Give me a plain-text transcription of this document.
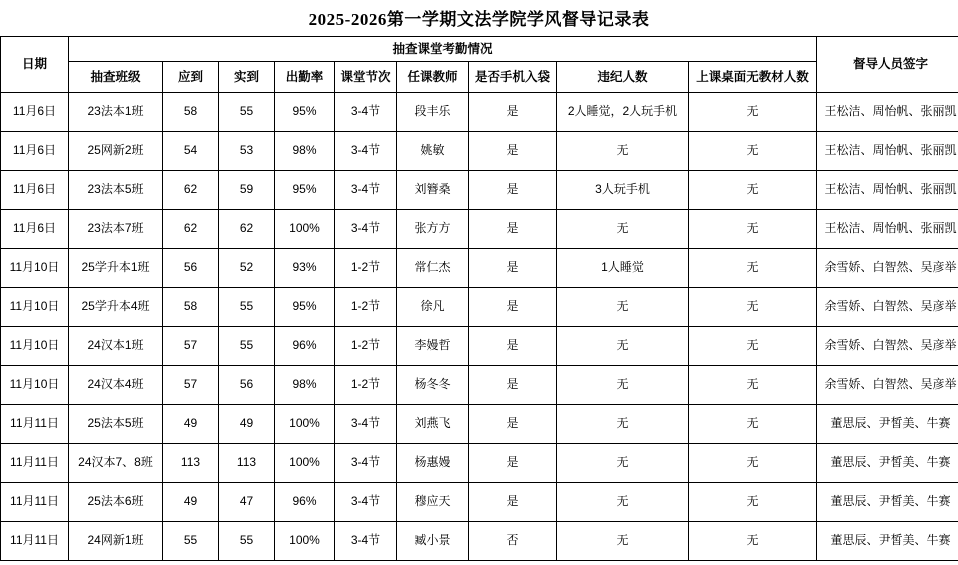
2025-2026第一学期文法学院学风督导记录表
日期	抽查课堂考勤情况									督导人员签字
	抽查班级	应到	实到	出勤率	课堂节次	任课教师	是否手机入袋	违纪人数	上课桌面无教材人数	
11月6日	23法本1班	58	55	95%	3-4节	段丰乐	是	2人睡觉，2人玩手机	无	王松洁、周怡帆、张丽凯
11月6日	25网新2班	54	53	98%	3-4节	姚敏	是	无	无	王松洁、周怡帆、张丽凯
11月6日	23法本5班	62	59	95%	3-4节	刘簪桑	是	3人玩手机	无	王松洁、周怡帆、张丽凯
11月6日	23法本7班	62	62	100%	3-4节	张方方	是	无	无	王松洁、周怡帆、张丽凯
11月10日	25学升本1班	56	52	93%	1-2节	常仁杰	是	1人睡觉	无	余雪娇、白智然、吴彦举
11月10日	25学升本4班	58	55	95%	1-2节	徐凡	是	无	无	余雪娇、白智然、吴彦举
11月10日	24汉本1班	57	55	96%	1-2节	李嫚哲	是	无	无	余雪娇、白智然、吴彦举
11月10日	24汉本4班	57	56	98%	1-2节	杨冬冬	是	无	无	余雪娇、白智然、吴彦举
11月11日	25法本5班	49	49	100%	3-4节	刘燕飞	是	无	无	董思辰、尹皙美、牛赛
11月11日	24汉本7、8班	113	113	100%	3-4节	杨惠嫚	是	无	无	董思辰、尹皙美、牛赛
11月11日	25法本6班	49	47	96%	3-4节	穆应天	是	无	无	董思辰、尹皙美、牛赛
11月11日	24网新1班	55	55	100%	3-4节	臧小景	否	无	无	董思辰、尹皙美、牛赛
